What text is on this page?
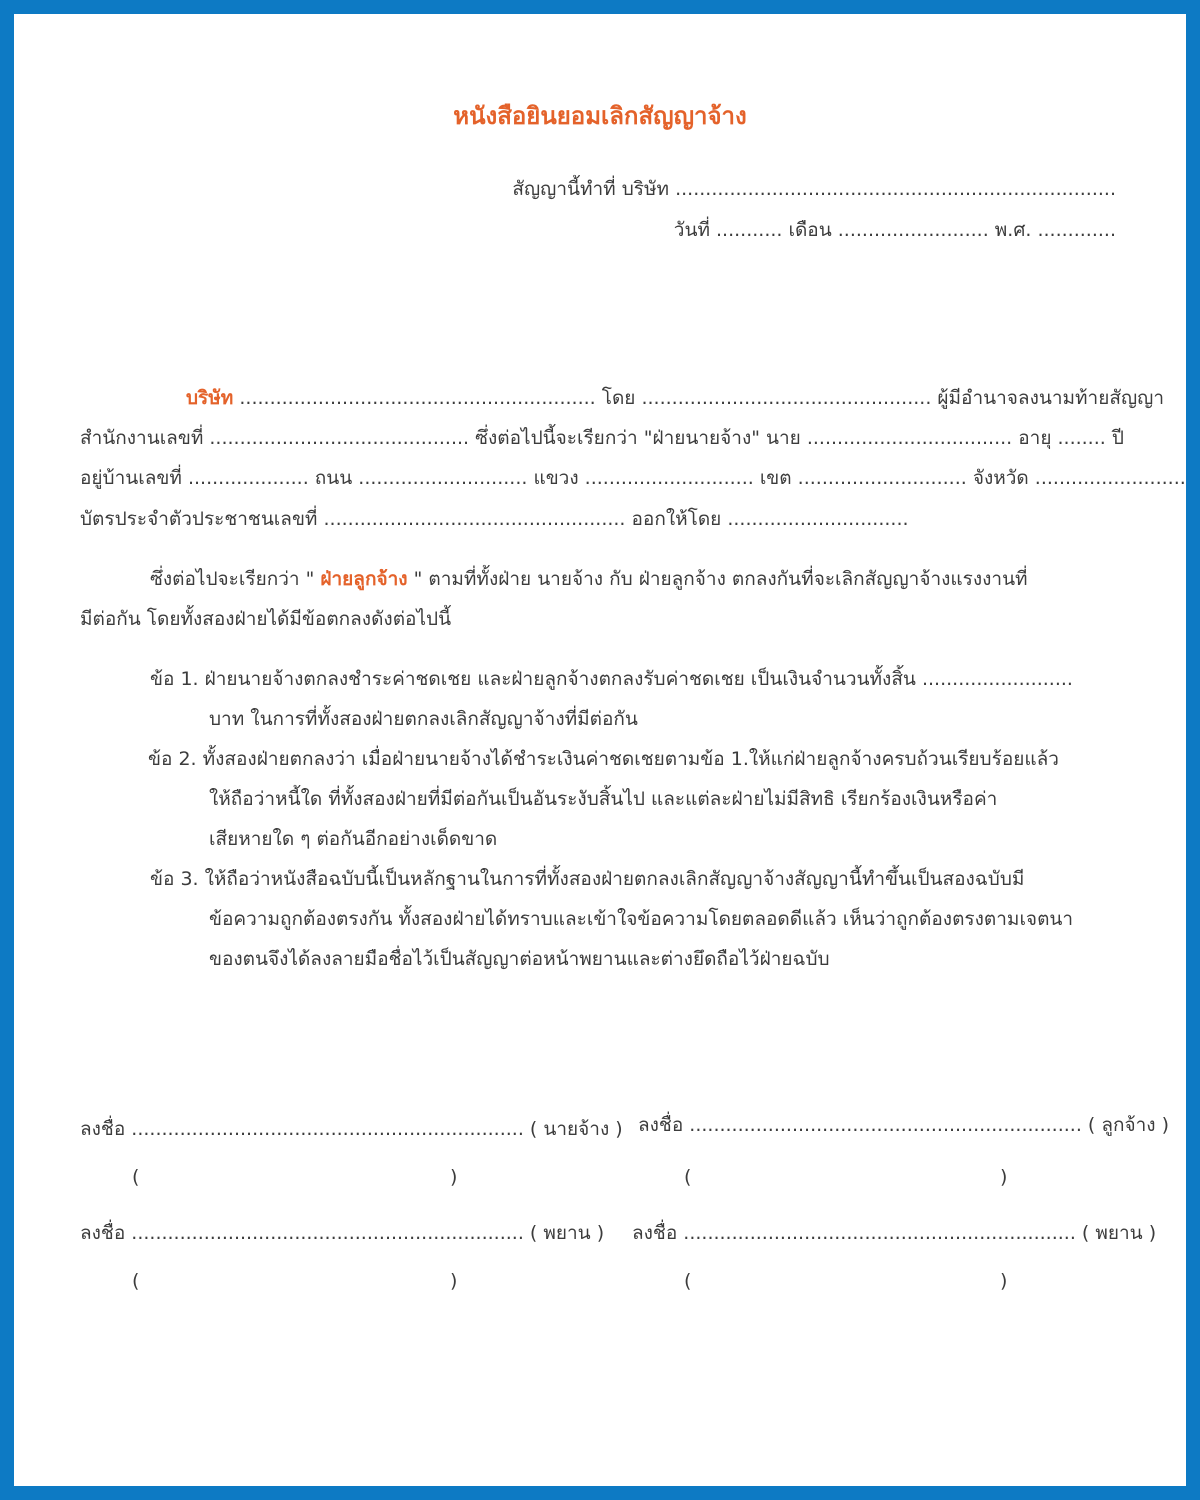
หนังสือยินยอมเลิกสัญญาจ้าง
สัญญานี้ทำที่ บริษัท .........................................................................
วันที่ ........... เดือน ......................... พ.ศ. .............
บริษัท ........................................................... โดย ................................................ ผู้มีอำนาจลงนามท้ายสัญญา
สำนักงานเลขที่ ........................................... ซึ่งต่อไปนี้จะเรียกว่า "ฝ่ายนายจ้าง" นาย .................................. อายุ ........ ปี
อยู่บ้านเลขที่ .................... ถนน ............................ แขวง ............................ เขต ............................ จังหวัด .........................
บัตรประจำตัวประชาชนเลขที่ .................................................. ออกให้โดย ..............................
ซึ่งต่อไปจะเรียกว่า " ฝ่ายลูกจ้าง " ตามที่ทั้งฝ่าย นายจ้าง กับ ฝ่ายลูกจ้าง ตกลงกันที่จะเลิกสัญญาจ้างแรงงานที่
มีต่อกัน โดยทั้งสองฝ่ายได้มีข้อตกลงดังต่อไปนี้
ข้อ 1. ฝ่ายนายจ้างตกลงชำระค่าชดเชย และฝ่ายลูกจ้างตกลงรับค่าชดเชย เป็นเงินจำนวนทั้งสิ้น .........................
บาท ในการที่ทั้งสองฝ่ายตกลงเลิกสัญญาจ้างที่มีต่อกัน
ข้อ 2. ทั้งสองฝ่ายตกลงว่า เมื่อฝ่ายนายจ้างได้ชำระเงินค่าชดเชยตามข้อ 1.ให้แก่ฝ่ายลูกจ้างครบถ้วนเรียบร้อยแล้ว
ให้ถือว่าหนี้ใด ที่ทั้งสองฝ่ายที่มีต่อกันเป็นอันระงับสิ้นไป และแต่ละฝ่ายไม่มีสิทธิ เรียกร้องเงินหรือค่า
เสียหายใด ๆ ต่อกันอีกอย่างเด็ดขาด
ข้อ 3. ให้ถือว่าหนังสือฉบับนี้เป็นหลักฐานในการที่ทั้งสองฝ่ายตกลงเลิกสัญญาจ้างสัญญานี้ทำขึ้นเป็นสองฉบับมี
ข้อความถูกต้องตรงกัน ทั้งสองฝ่ายได้ทราบและเข้าใจข้อความโดยตลอดดีแล้ว เห็นว่าถูกต้องตรงตามเจตนา
ของตนจึงได้ลงลายมือชื่อไว้เป็นสัญญาต่อหน้าพยานและต่างยึดถือไว้ฝ่ายฉบับ
ลงชื่อ ................................................................. ( นายจ้าง )
(	)
ลงชื่อ ................................................................. ( ลูกจ้าง )
(	)
ลงชื่อ ................................................................. ( พยาน )
(	)
ลงชื่อ ................................................................. ( พยาน )
(	)
